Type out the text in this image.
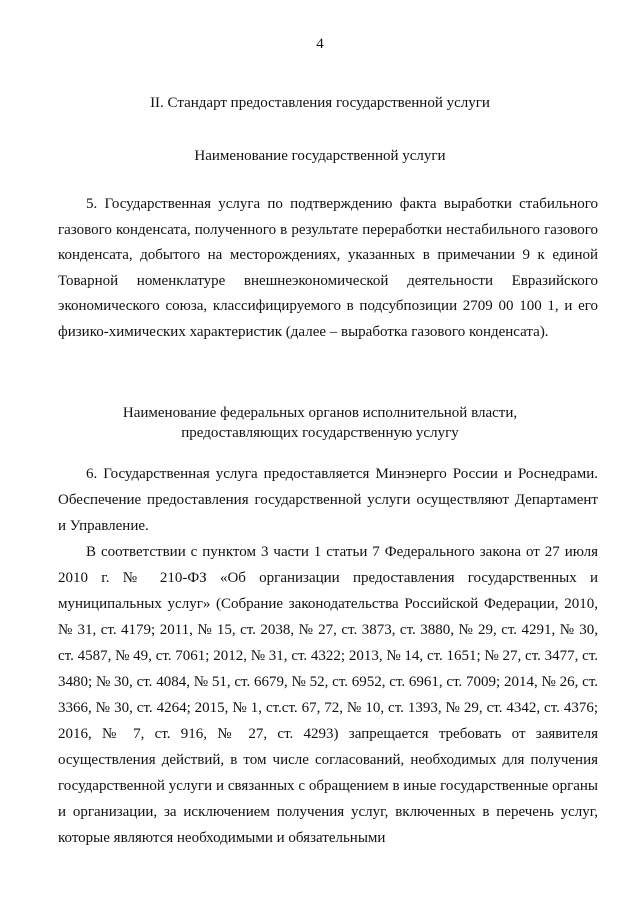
4
II. Стандарт предоставления государственной услуги
Наименование государственной услуги
5. Государственная услуга по подтверждению факта выработки стабильного газового конденсата, полученного в результате переработки нестабильного газового конденсата, добытого на месторождениях, указанных в примечании 9 к единой Товарной номенклатуре внешнеэкономической деятельности Евразийского экономического союза, классифицируемого в подсубпозиции 2709 00 100 1, и его физико-химических характеристик (далее – выработка газового конденсата).
Наименование федеральных органов исполнительной власти,
предоставляющих государственную услугу
6. Государственная услуга предоставляется Минэнерго России и Роснедрами. Обеспечение предоставления государственной услуги осуществляют Департамент и Управление.
В соответствии с пунктом 3 части 1 статьи 7 Федерального закона от 27 июля 2010 г. № 210-ФЗ «Об организации предоставления государственных и муниципальных услуг» (Собрание законодательства Российской Федерации, 2010, № 31, ст. 4179; 2011, № 15, ст. 2038, № 27, ст. 3873, ст. 3880, № 29, ст. 4291, № 30, ст. 4587, № 49, ст. 7061; 2012, № 31, ст. 4322; 2013, № 14, ст. 1651; № 27, ст. 3477, ст. 3480; № 30, ст. 4084, № 51, ст. 6679, № 52, ст. 6952, ст. 6961, ст. 7009; 2014, № 26, ст. 3366, № 30, ст. 4264; 2015, № 1, ст.ст. 67, 72, № 10, ст. 1393, № 29, ст. 4342, ст. 4376; 2016, № 7, ст. 916, № 27, ст. 4293) запрещается требовать от заявителя осуществления действий, в том числе согласований, необходимых для получения государственной услуги и связанных с обращением в иные государственные органы и организации, за исключением получения услуг, включенных в перечень услуг, которые являются необходимыми и обязательными
